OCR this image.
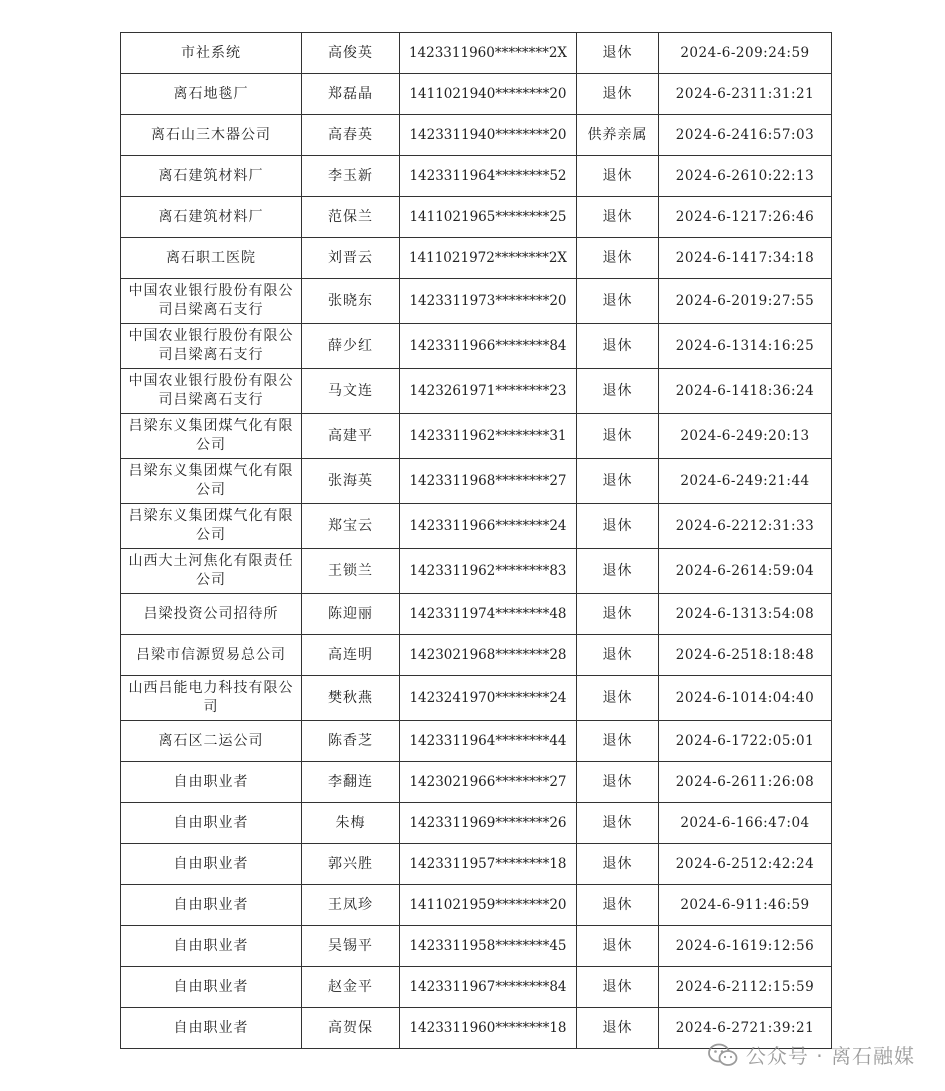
市社系统	高俊英	1423311960********2X	退休	2024-6-209:24:59
离石地毯厂	郑磊晶	1411021940********20	退休	2024-6-2311:31:21
离石山三木器公司	高春英	1423311940********20	供养亲属	2024-6-2416:57:03
离石建筑材料厂	李玉新	1423311964********52	退休	2024-6-2610:22:13
离石建筑材料厂	范保兰	1411021965********25	退休	2024-6-1217:26:46
离石职工医院	刘晋云	1411021972********2X	退休	2024-6-1417:34:18
中国农业银行股份有限公司吕梁离石支行	张晓东	1423311973********20	退休	2024-6-2019:27:55
中国农业银行股份有限公司吕梁离石支行	薛少红	1423311966********84	退休	2024-6-1314:16:25
中国农业银行股份有限公司吕梁离石支行	马文连	1423261971********23	退休	2024-6-1418:36:24
吕梁东义集团煤气化有限公司	高建平	1423311962********31	退休	2024-6-249:20:13
吕梁东义集团煤气化有限公司	张海英	1423311968********27	退休	2024-6-249:21:44
吕梁东义集团煤气化有限公司	郑宝云	1423311966********24	退休	2024-6-2212:31:33
山西大土河焦化有限责任公司	王锁兰	1423311962********83	退休	2024-6-2614:59:04
吕梁投资公司招待所	陈迎丽	1423311974********48	退休	2024-6-1313:54:08
吕梁市信源贸易总公司	高连明	1423021968********28	退休	2024-6-2518:18:48
山西吕能电力科技有限公司	樊秋燕	1423241970********24	退休	2024-6-1014:04:40
离石区二运公司	陈香芝	1423311964********44	退休	2024-6-1722:05:01
自由职业者	李翻连	1423021966********27	退休	2024-6-2611:26:08
自由职业者	朱梅	1423311969********26	退休	2024-6-166:47:04
自由职业者	郭兴胜	1423311957********18	退休	2024-6-2512:42:24
自由职业者	王凤珍	1411021959********20	退休	2024-6-911:46:59
自由职业者	吴锡平	1423311958********45	退休	2024-6-1619:12:56
自由职业者	赵金平	1423311967********84	退休	2024-6-2112:15:59
自由职业者	高贺保	1423311960********18	退休	2024-6-2721:39:21
公众号 · 离石融媒
